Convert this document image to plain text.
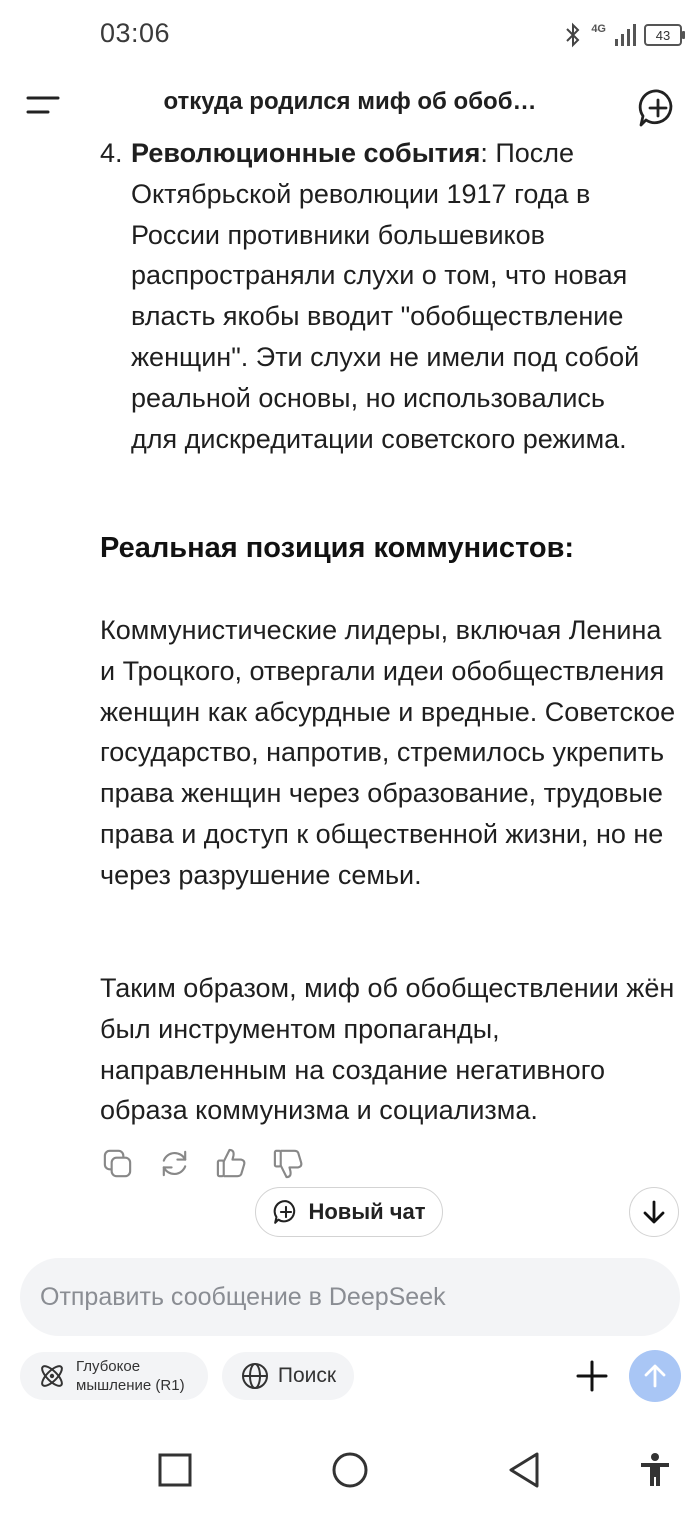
03:06	4G	43
откуда родился миф об обоб…
4. Революционные события: После Октябрьской революции 1917 года в России противники большевиков распространяли слухи о том, что новая власть якобы вводит "обобществление женщин". Эти слухи не имели под собой реальной основы, но использовались для дискредитации советского режима.
Реальная позиция коммунистов:
Коммунистические лидеры, включая Ленина и Троцкого, отвергали идеи обобществления женщин как абсурдные и вредные. Советское государство, напротив, стремилось укрепить права женщин через образование, трудовые права и доступ к общественной жизни, но не через разрушение семьи.
Таким образом, миф об обобществлении жён был инструментом пропаганды, направленным на создание негативного образа коммунизма и социализма.
Новый чат
Отправить сообщение в DeepSeek
Глубокое
мышление (R1)	Поиск
